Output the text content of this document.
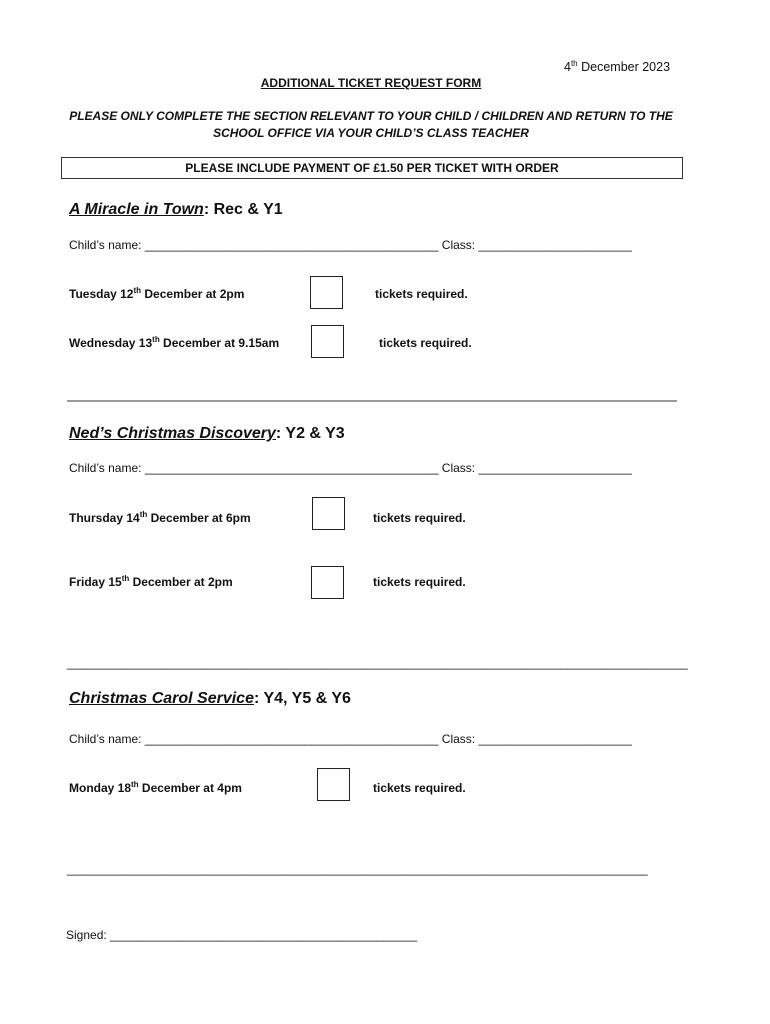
4th December 2023
ADDITIONAL TICKET REQUEST FORM
PLEASE ONLY COMPLETE THE SECTION RELEVANT TO YOUR CHILD / CHILDREN AND RETURN TO THE SCHOOL OFFICE VIA YOUR CHILD’S CLASS TEACHER
PLEASE INCLUDE PAYMENT OF £1.50 PER TICKET WITH ORDER
A Miracle in Town: Rec & Y1
Child’s name: ____________________________________________ Class: _______________________
Tuesday 12th December at 2pm	tickets required.
Wednesday 13th December at 9.15am	tickets required.
Ned’s Christmas Discovery: Y2 & Y3
Child’s name: ____________________________________________ Class: _______________________
Thursday 14th December at 6pm	tickets required.
Friday 15th December at 2pm	tickets required.
_____________________________________________________________________________________________
Christmas Carol Service: Y4, Y5 & Y6
Child’s name: ____________________________________________ Class: _______________________
Monday 18th December at 4pm	tickets required.
_______________________________________________________________________________________
Signed: ______________________________________________
